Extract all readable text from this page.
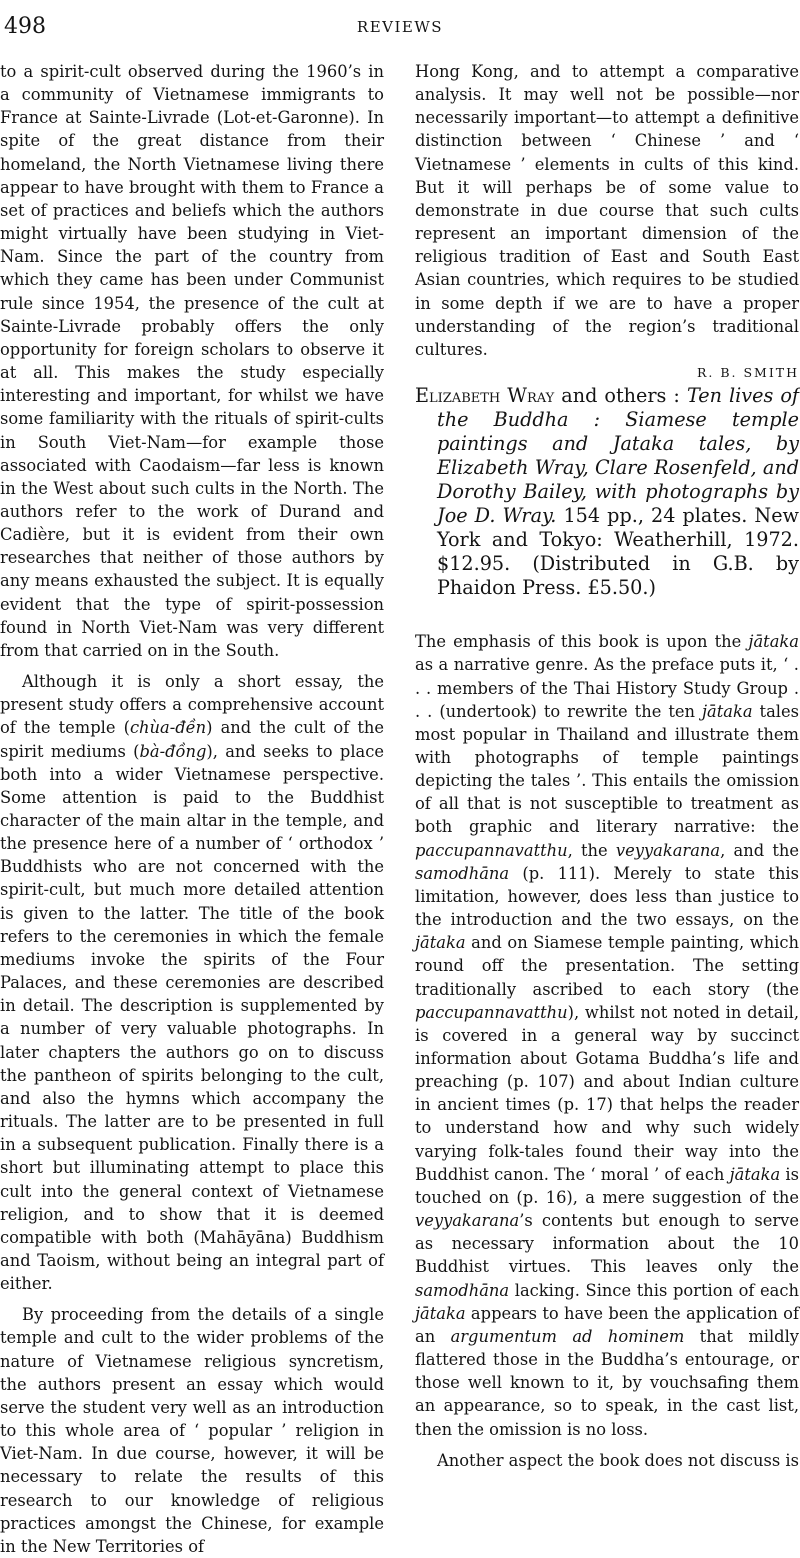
498	REVIEWS

to a spirit-cult observed during the 1960’s in a community of Vietnamese immigrants to France at Sainte-Livrade (Lot-et-Garonne). In spite of the great distance from their homeland, the North Vietnamese living there appear to have brought with them to France a set of practices and beliefs which the authors might virtually have been studying in Viet-Nam. Since the part of the country from which they came has been under Communist rule since 1954, the presence of the cult at Sainte-Livrade probably offers the only opportunity for foreign scholars to observe it at all. This makes the study especially interesting and important, for whilst we have some familiarity with the rituals of spirit-cults in South Viet-Nam—for example those associated with Caodaism—far less is known in the West about such cults in the North. The authors refer to the work of Durand and Cadière, but it is evident from their own researches that neither of those authors by any means exhausted the subject. It is equally evident that the type of spirit-possession found in North Viet-Nam was very different from that carried on in the South.

Although it is only a short essay, the present study offers a comprehensive account of the temple (chùa-đền) and the cult of the spirit mediums (bà-đồng), and seeks to place both into a wider Vietnamese perspective. Some attention is paid to the Buddhist character of the main altar in the temple, and the presence here of a number of ‘ orthodox ’ Buddhists who are not concerned with the spirit-cult, but much more detailed attention is given to the latter. The title of the book refers to the ceremonies in which the female mediums invoke the spirits of the Four Palaces, and these ceremonies are described in detail. The description is supplemented by a number of very valuable photographs. In later chapters the authors go on to discuss the pantheon of spirits belonging to the cult, and also the hymns which accompany the rituals. The latter are to be presented in full in a subsequent publication. Finally there is a short but illuminating attempt to place this cult into the general context of Vietnamese religion, and to show that it is deemed compatible with both (Mahāyāna) Buddhism and Taoism, without being an integral part of either.

By proceeding from the details of a single temple and cult to the wider problems of the nature of Vietnamese religious syncretism, the authors present an essay which would serve the student very well as an introduction to this whole area of ‘ popular ’ religion in Viet-Nam. In due course, however, it will be necessary to relate the results of this research to our knowledge of religious practices amongst the Chinese, for example in the New Territories of

Hong Kong, and to attempt a comparative analysis. It may well not be possible—nor necessarily important—to attempt a definitive distinction between ‘ Chinese ’ and ‘ Vietnamese ’ elements in cults of this kind. But it will perhaps be of some value to demonstrate in due course that such cults represent an important dimension of the religious tradition of East and South East Asian countries, which requires to be studied in some depth if we are to have a proper understanding of the region’s traditional cultures.

R. B. SMITH

Elizabeth Wray and others : Ten lives of the Buddha : Siamese temple paintings and Jataka tales, by Elizabeth Wray, Clare Rosenfeld, and Dorothy Bailey, with photographs by Joe D. Wray. 154 pp., 24 plates. New York and Tokyo: Weatherhill, 1972. $12.95. (Distributed in G.B. by Phaidon Press. £5.50.)

The emphasis of this book is upon the jātaka as a narrative genre. As the preface puts it, ‘ . . . members of the Thai History Study Group . . . (undertook) to rewrite the ten jātaka tales most popular in Thailand and illustrate them with photographs of temple paintings depicting the tales ’. This entails the omission of all that is not susceptible to treatment as both graphic and literary narrative: the paccupannavatthu, the veyyakarana, and the samodhāna (p. 111). Merely to state this limitation, however, does less than justice to the introduction and the two essays, on the jātaka and on Siamese temple painting, which round off the presentation. The setting traditionally ascribed to each story (the paccupannavatthu), whilst not noted in detail, is covered in a general way by succinct information about Gotama Buddha’s life and preaching (p. 107) and about Indian culture in ancient times (p. 17) that helps the reader to understand how and why such widely varying folk-tales found their way into the Buddhist canon. The ‘ moral ’ of each jātaka is touched on (p. 16), a mere suggestion of the veyyakarana’s contents but enough to serve as necessary information about the 10 Buddhist virtues. This leaves only the samodhāna lacking. Since this portion of each jātaka appears to have been the application of an argumentum ad hominem that mildly flattered those in the Buddha’s entourage, or those well known to it, by vouchsafing them an appearance, so to speak, in the cast list, then the omission is no loss.

Another aspect the book does not discuss is
